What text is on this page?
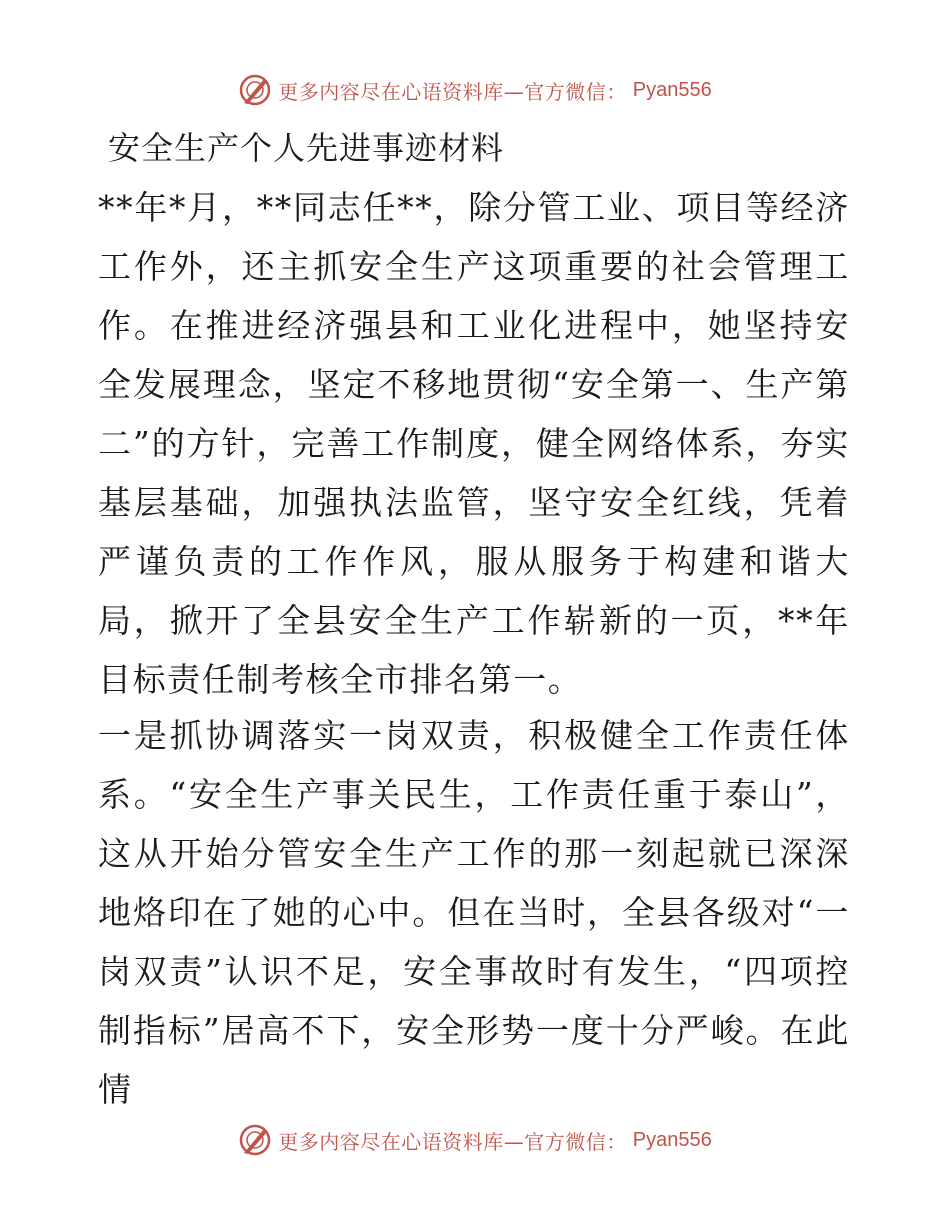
更多内容尽在心语资料库—官方微信： Pyan556
安全生产个人先进事迹材料

**年*月，**同志任**，除分管工业、项目等经济工作外，还主抓安全生产这项重要的社会管理工作。在推进经济强县和工业化进程中，她坚持安全发展理念，坚定不移地贯彻“安全第一、生产第二”的方针，完善工作制度，健全网络体系，夯实基层基础，加强执法监管，坚守安全红线，凭着严谨负责的工作作风，服从服务于构建和谐大局，掀开了全县安全生产工作崭新的一页，**年目标责任制考核全市排名第一。

一是抓协调落实一岗双责，积极健全工作责任体系。“安全生产事关民生，工作责任重于泰山”，这从开始分管安全生产工作的那一刻起就已深深地烙印在了她的心中。但在当时，全县各级对“一岗双责”认识不足，安全事故时有发生，“四项控制指标”居高不下，安全形势一度十分严峻。在此情

更多内容尽在心语资料库—官方微信： Pyan556
